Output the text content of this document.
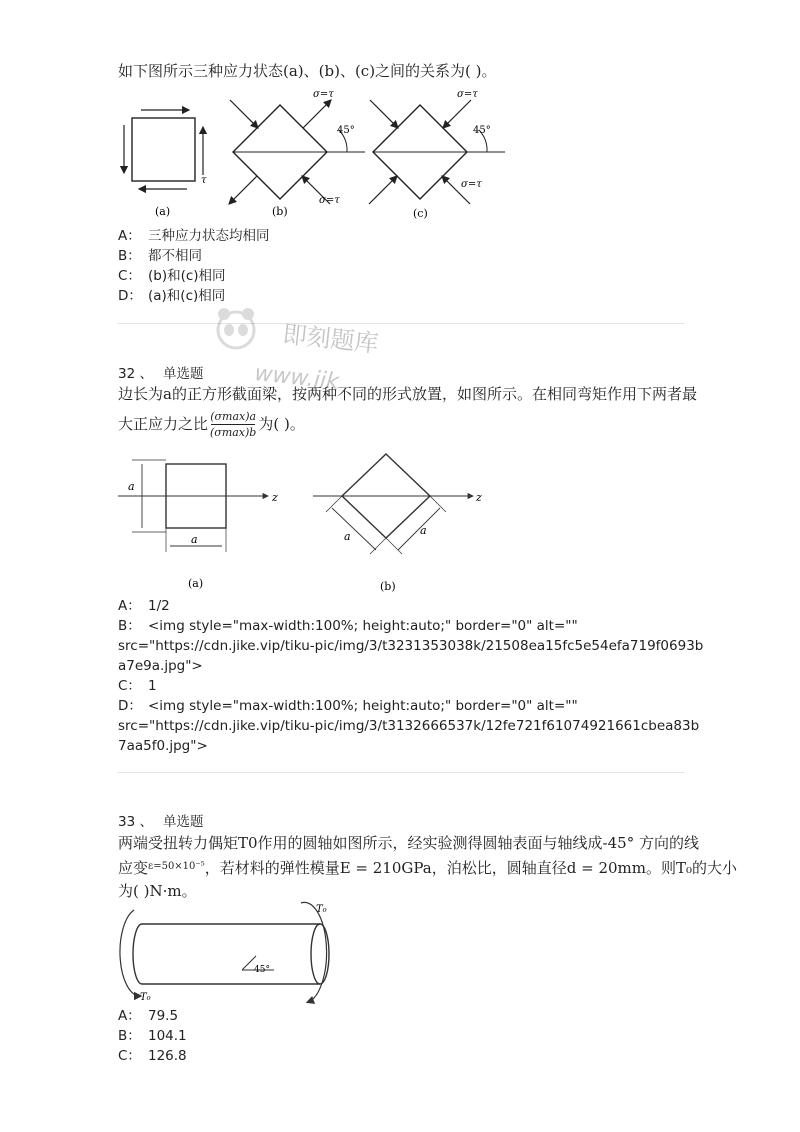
如下图所示三种应力状态(a)、(b)、(c)之间的关系为( )。
τ
(a)
σ=τ
45°
σ=τ
(b)
σ=τ
45°
σ=τ
(c)
A： 三种应力状态均相同
B： 都不相同
C： (b)和(c)相同
D： (a)和(c)相同
即刻题库
www.jik
32 、 单选题
边长为a的正方形截面梁，按两种不同的形式放置，如图所示。在相同弯矩作用下两者最
大正应力之比 (σmax)a
(σmax)b 为( )。
a
a
z
(a)
a	a
z
(b)
A： 1/2
B： <img style="max-width:100%; height:auto;" border="0" alt=""
src="https://cdn.jike.vip/tiku-pic/img/3/t3231353038k/21508ea15fc5e54efa719f0693b
a7e9a.jpg">
C： 1
D： <img style="max-width:100%; height:auto;" border="0" alt=""
src="https://cdn.jike.vip/tiku-pic/img/3/t3132666537k/12fe721f61074921661cbea83b
7aa5f0.jpg">
33 、 单选题
两端受扭转力偶矩T0作用的圆轴如图所示，经实验测得圆轴表面与轴线成-45° 方向的线
应变$^{\varepsilon=50\times 10^{-5}}$，若材料的弹性模量E = 210GPa，泊松比，圆轴直径d = 20mm。则T₀的大小
为( )N·m。
T₀
T₀
45°
A： 79.5
B： 104.1
C： 126.8
